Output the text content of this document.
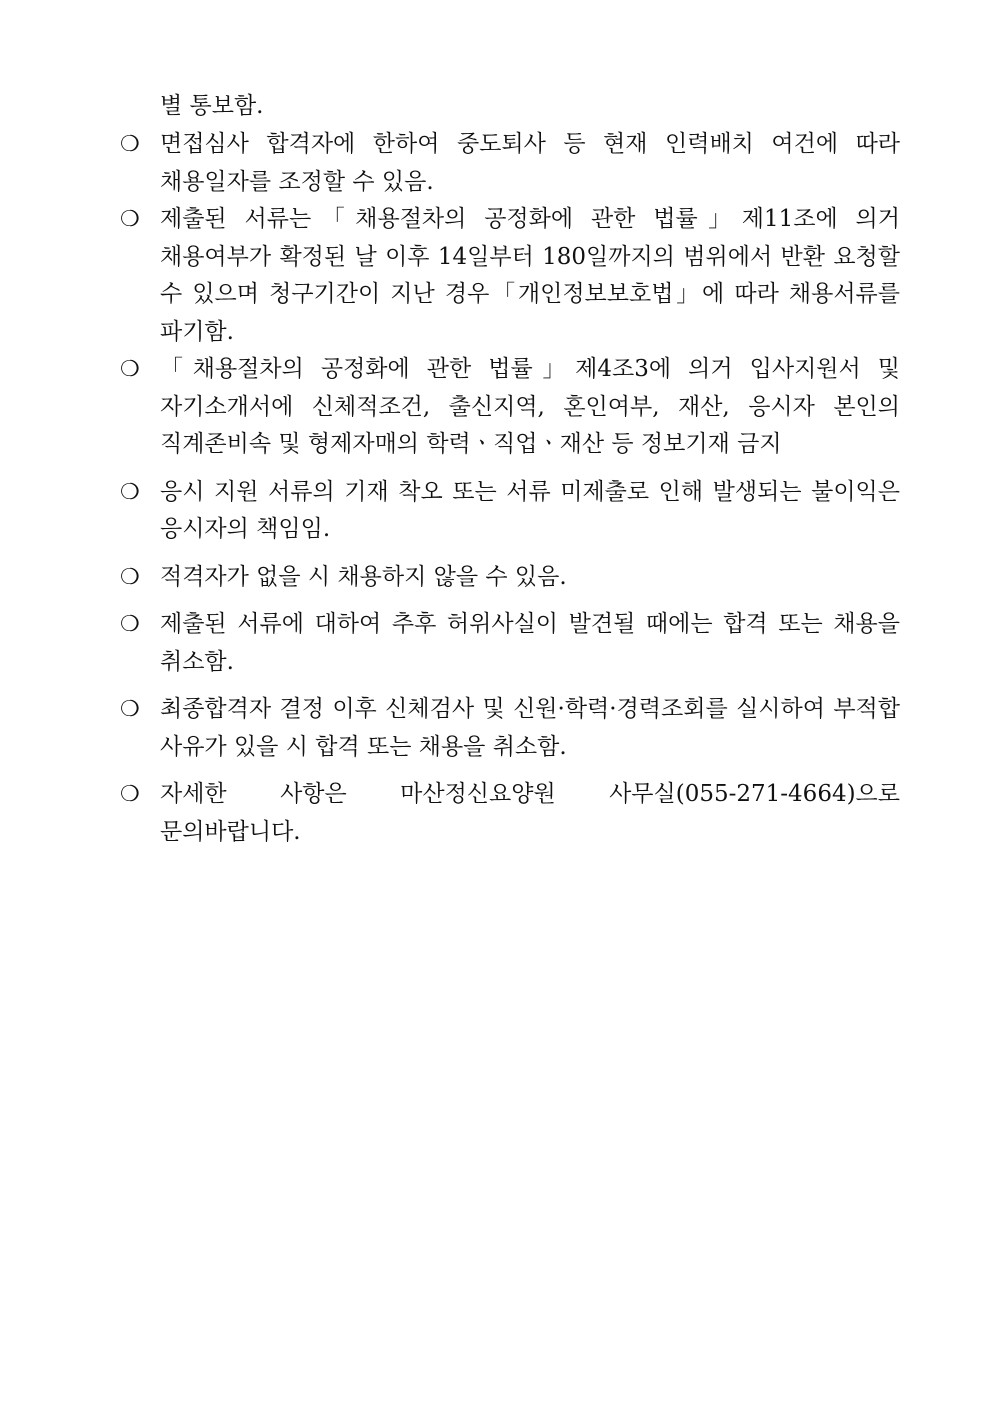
별 통보함.
❍ 면접심사 합격자에 한하여 중도퇴사 등 현재 인력배치 여건에 따라 채용일자를 조정할 수 있음.
❍ 제출된 서류는「채용절차의 공정화에 관한 법률」제11조에 의거 채용여부가 확정된 날 이후 14일부터 180일까지의 범위에서 반환 요청할 수 있으며 청구기간이 지난 경우「개인정보보호법」에 따라 채용서류를 파기함.
❍ 「채용절차의 공정화에 관한 법률」제4조3에 의거 입사지원서 및 자기소개서에 신체적조건, 출신지역, 혼인여부, 재산, 응시자 본인의 직계존비속 및 형제자매의 학력ㆍ직업ㆍ재산 등 정보기재 금지
❍ 응시 지원 서류의 기재 착오 또는 서류 미제출로 인해 발생되는 불이익은 응시자의 책임임.
❍ 적격자가 없을 시 채용하지 않을 수 있음.
❍ 제출된 서류에 대하여 추후 허위사실이 발견될 때에는 합격 또는 채용을 취소함.
❍ 최종합격자 결정 이후 신체검사 및 신원·학력·경력조회를 실시하여 부적합 사유가 있을 시 합격 또는 채용을 취소함.
❍ 자세한 사항은 마산정신요양원 사무실(055-271-4664)으로 문의바랍니다.
